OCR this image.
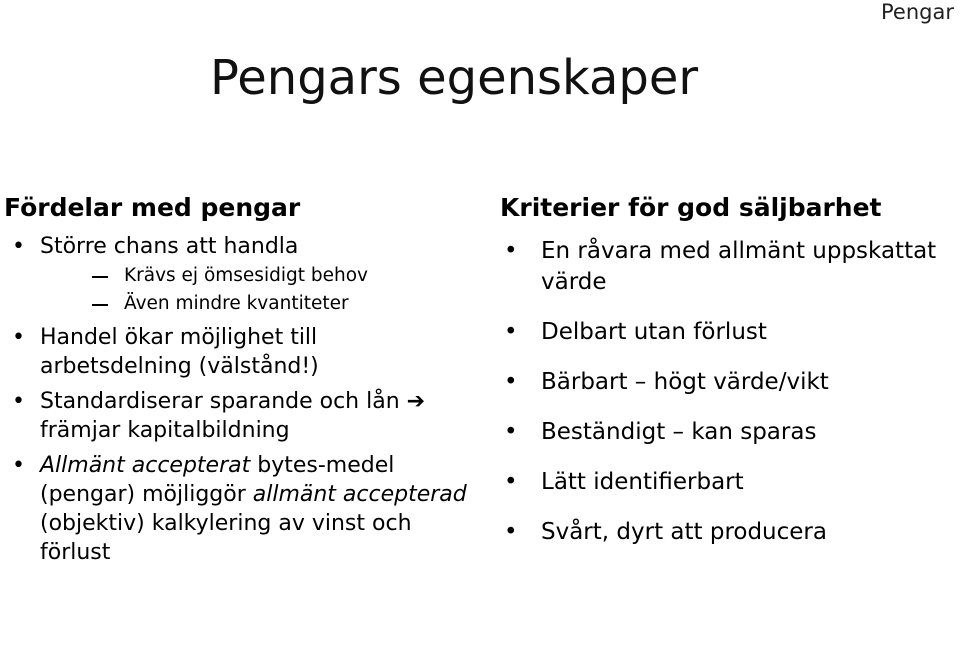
Pengar
Pengars egenskaper
Fördelar med pengar
• Större chans att handla
Krävs ej ömsesidigt behov
Även mindre kvantiteter
• Handel ökar möjlighet till arbetsdelning (välstånd!)
• Standardiserar sparande och lån ➔ främjar kapitalbildning
• Allmänt accepterat bytes-medel (pengar) möjliggör allmänt accepterad (objektiv) kalkylering av vinst och förlust
Kriterier för god säljbarhet
• En råvara med allmänt uppskattat värde
• Delbart utan förlust
• Bärbart – högt värde/vikt
• Beständigt – kan sparas
• Lätt identifierbart
• Svårt, dyrt att producera
